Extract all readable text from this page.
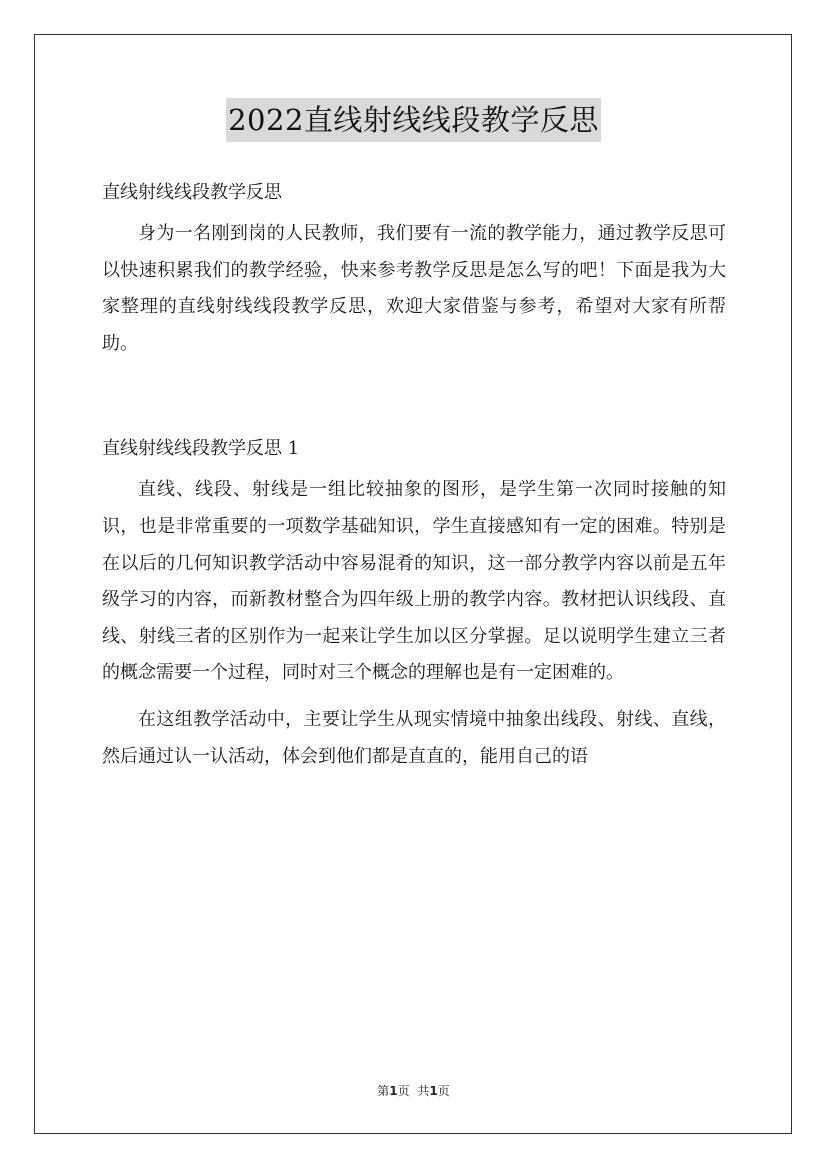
2022直线射线线段教学反思

直线射线线段教学反思

身为一名刚到岗的人民教师，我们要有一流的教学能力，通过教学反思可以快速积累我们的教学经验，快来参考教学反思是怎么写的吧！下面是我为大家整理的直线射线线段教学反思，欢迎大家借鉴与参考，希望对大家有所帮助。

直线射线线段教学反思 1

直线、线段、射线是一组比较抽象的图形，是学生第一次同时接触的知识，也是非常重要的一项数学基础知识，学生直接感知有一定的困难。特别是在以后的几何知识教学活动中容易混肴的知识，这一部分教学内容以前是五年级学习的内容，而新教材整合为四年级上册的教学内容。教材把认识线段、直线、射线三者的区别作为一起来让学生加以区分掌握。足以说明学生建立三者的概念需要一个过程，同时对三个概念的理解也是有一定困难的。

在这组教学活动中，主要让学生从现实情境中抽象出线段、射线、直线，然后通过认一认活动，体会到他们都是直直的，能用自己的语

第1页 共1页
